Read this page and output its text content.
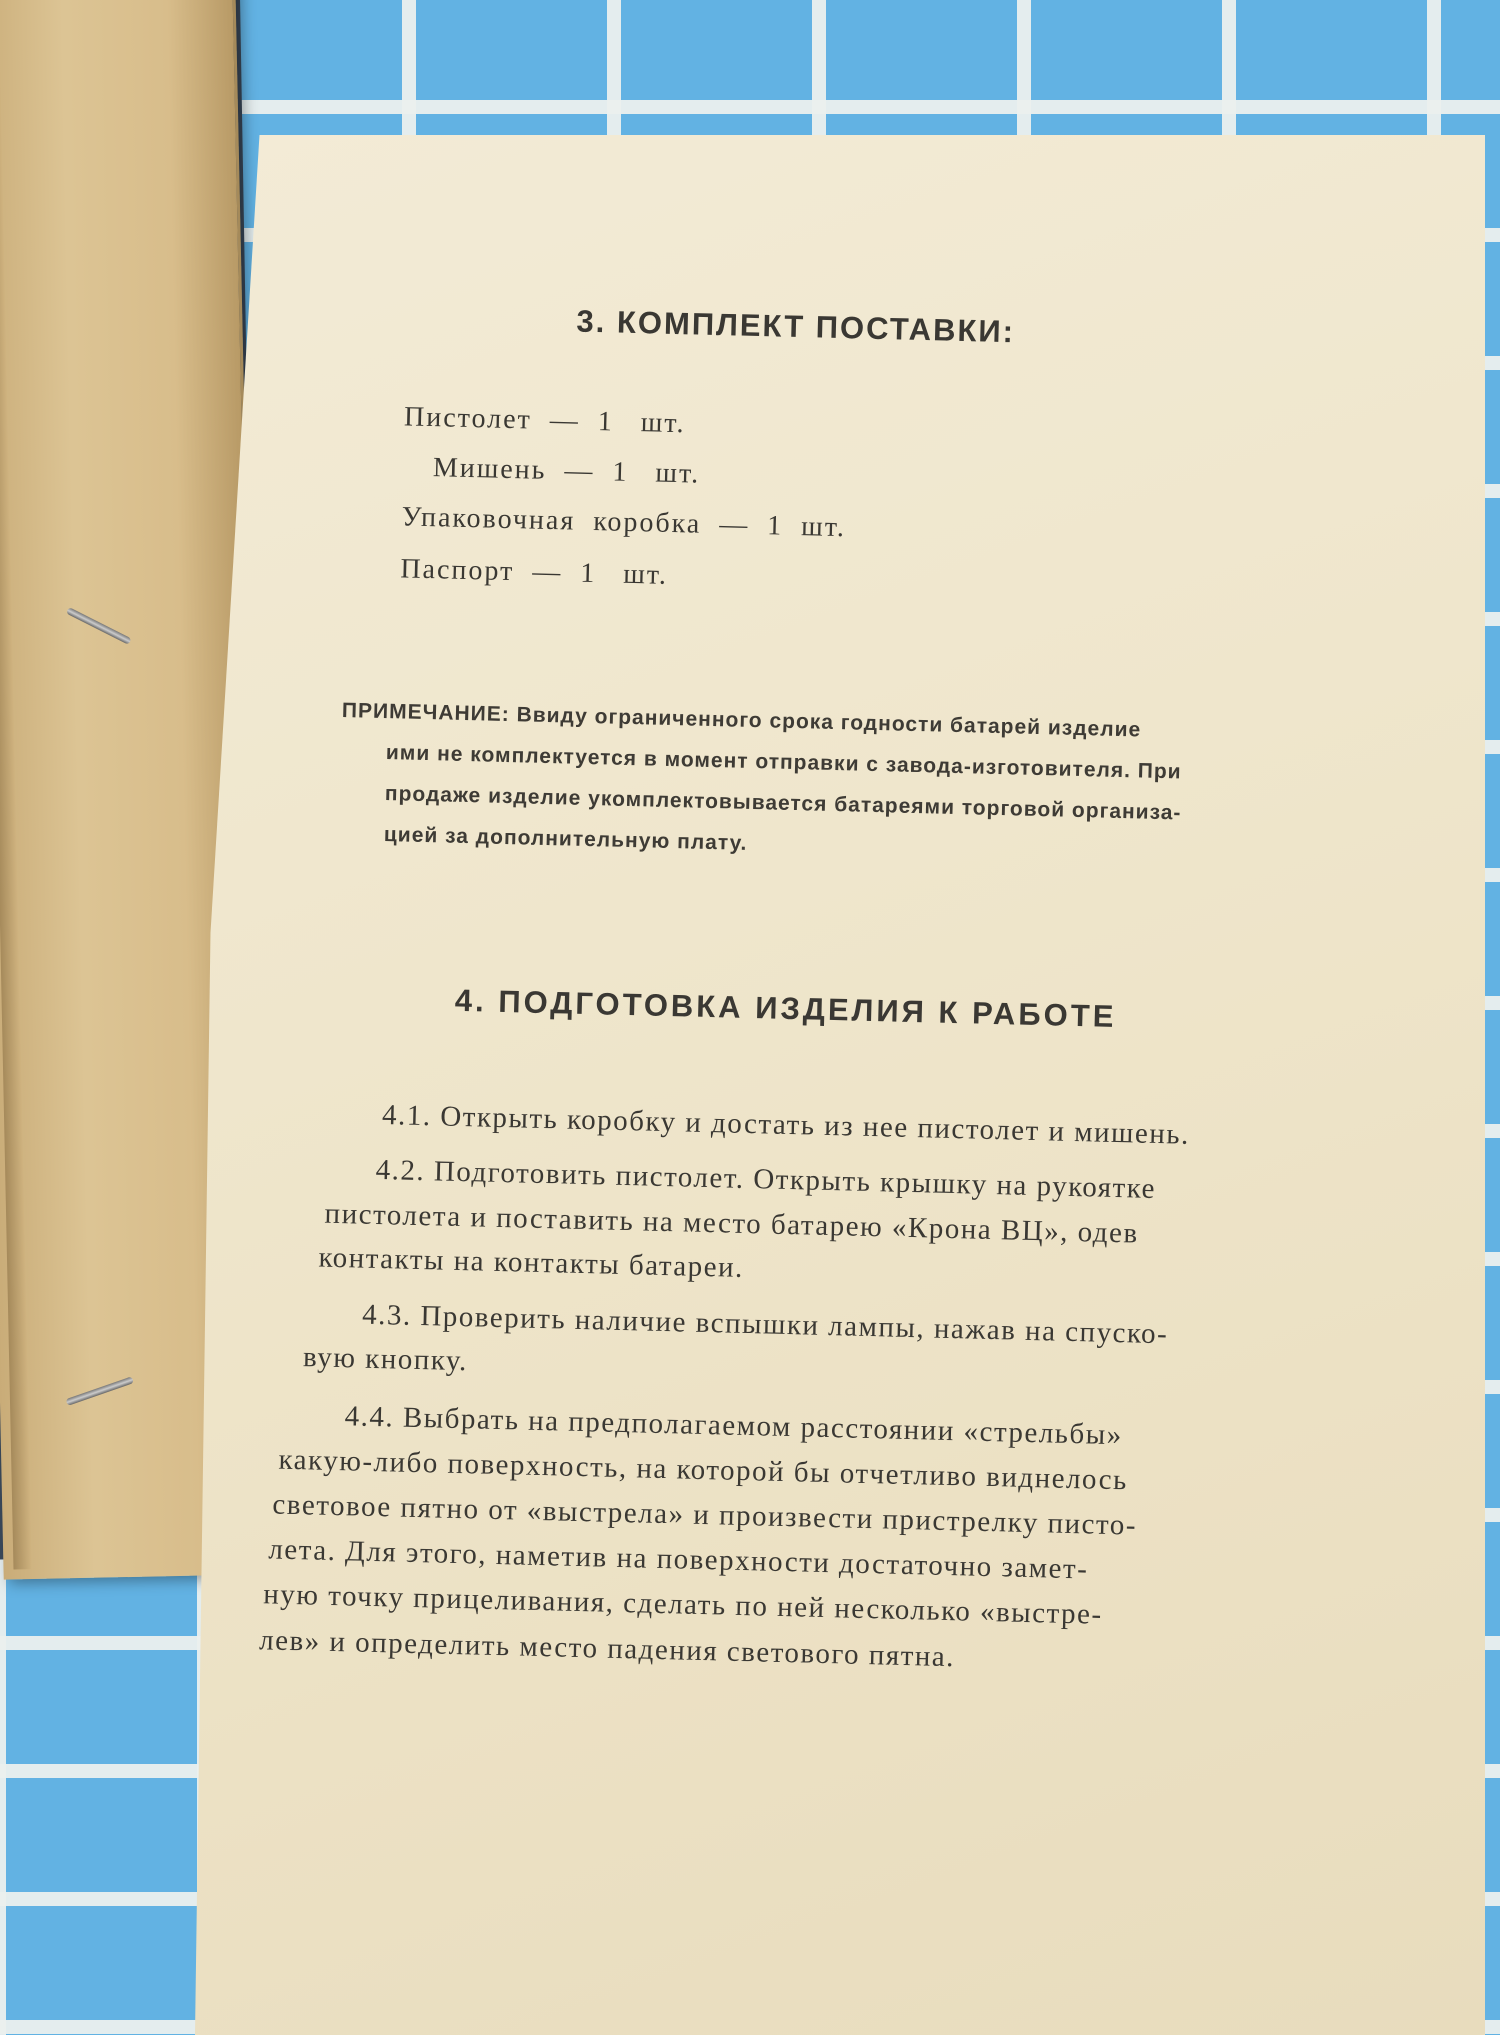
3. КОМПЛЕКТ ПОСТАВКИ:
Пистолет  —  1   шт.
Мишень  —  1   шт.
Упаковочная  коробка  —  1  шт.
Паспорт  —  1   шт.
ПРИМЕЧАНИЕ: Ввиду ограниченного срока годности батарей изделие
ими не комплектуется в момент отправки с завода-изготовителя. При
продаже изделие укомплектовывается батареями торговой организа-
цией за дополнительную плату.
4. ПОДГОТОВКА ИЗДЕЛИЯ К РАБОТЕ
4.1. Открыть коробку и достать из нее пистолет и мишень.
4.2. Подготовить пистолет. Открыть крышку на рукоятке
пистолета и поставить на место батарею «Крона ВЦ», одев
контакты на контакты батареи.
4.3. Проверить наличие вспышки лампы, нажав на спуско-
вую кнопку.
4.4. Выбрать на предполагаемом расстоянии «стрельбы»
какую-либо поверхность, на которой бы отчетливо виднелось
световое пятно от «выстрела» и произвести пристрелку писто-
лета. Для этого, наметив на поверхности достаточно замет-
ную точку прицеливания, сделать по ней несколько «выстре-
лев» и определить место падения светового пятна.
